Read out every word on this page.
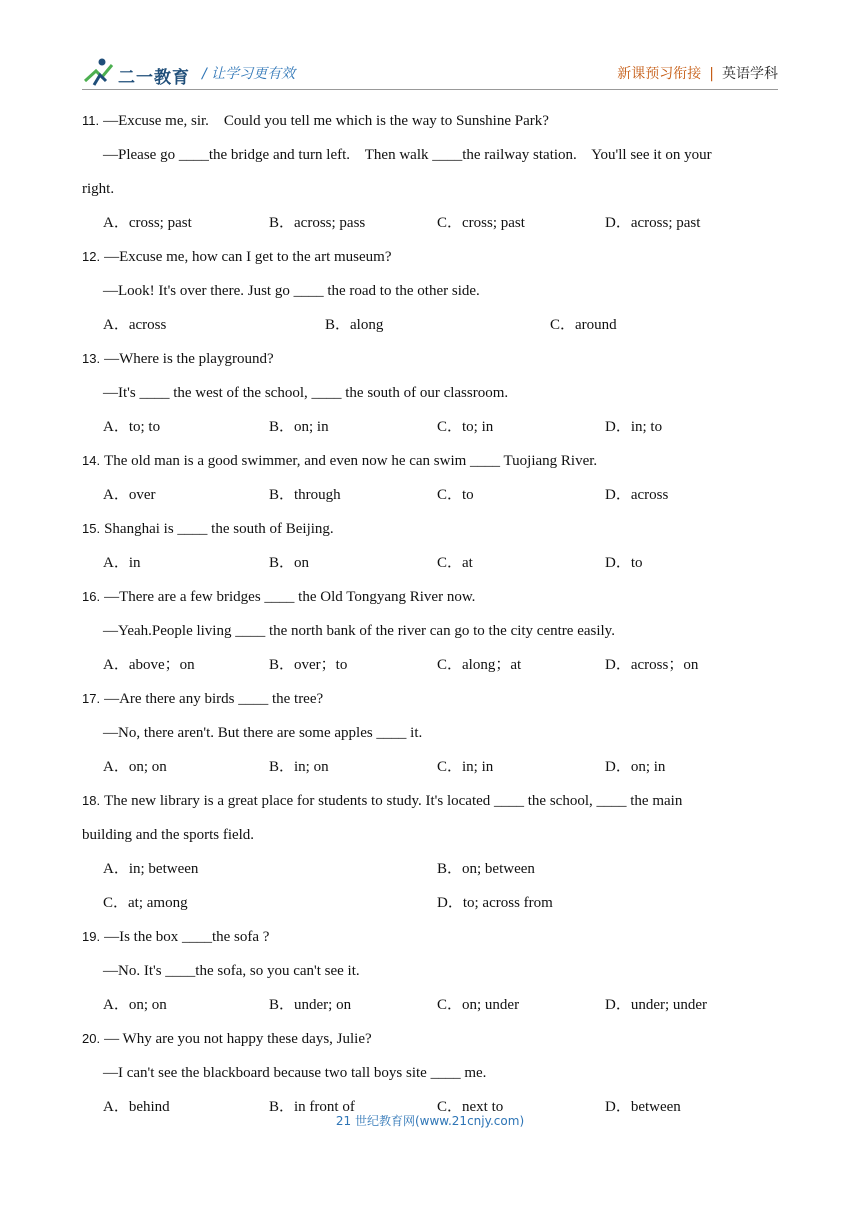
二一教育 / 让学习更有效	新课预习衔接 | 英语学科
11. —Excuse me, sir.    Could you tell me which is the way to Sunshine Park?
—Please go ____the bridge and turn left.    Then walk ____the railway station.    You'll see it on your
right.
A．cross; past	B．across; pass	C．cross; past	D．across; past
12. —Excuse me, how can I get to the art museum?
—Look! It's over there. Just go ____ the road to the other side.
A．across	B．along	C．around
13. —Where is the playground?
—It's ____ the west of the school, ____ the south of our classroom.
A．to; to	B．on; in	C．to; in	D．in; to
14. The old man is a good swimmer, and even now he can swim ____ Tuojiang River.
A．over	B．through	C．to	D．across
15. Shanghai is ____ the south of Beijing.
A．in	B．on	C．at	D．to
16. —There are a few bridges ____ the Old Tongyang River now.
—Yeah.People living ____ the north bank of the river can go to the city centre easily.
A．above；on	B．over；to	C．along；at	D．across；on
17. —Are there any birds ____ the tree?
—No, there aren't. But there are some apples ____ it.
A．on; on	B．in; on	C．in; in	D．on; in
18. The new library is a great place for students to study. It's located ____ the school, ____ the main
building and the sports field.
A．in; between	B．on; between
C．at; among	D．to; across from
19. —Is the box ____the sofa ?
—No. It's ____the sofa, so you can't see it.
A．on; on	B．under; on	C．on; under	D．under; under
20. — Why are you not happy these days, Julie?
—I can't see the blackboard because two tall boys site ____ me.
A．behind	B．in front of	C．next to	D．between
21 世纪教育网(www.21cnjy.com)
